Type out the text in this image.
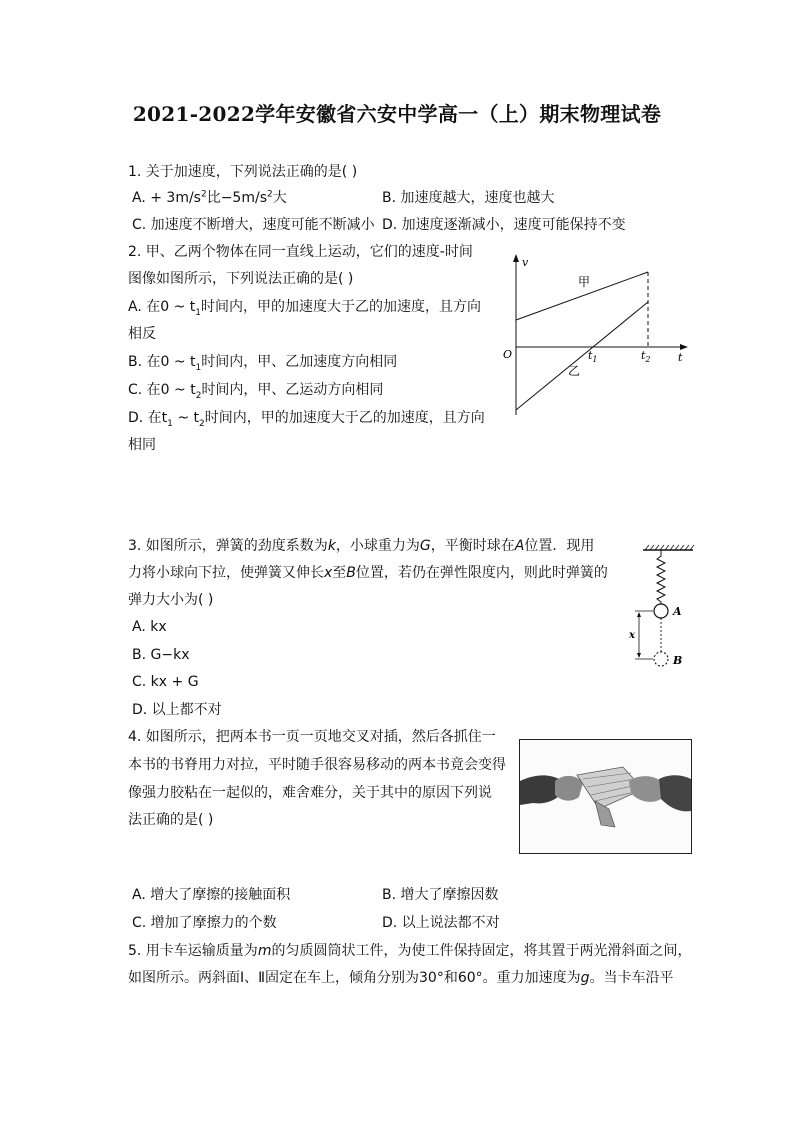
2021-2022学年安徽省六安中学高一（上）期末物理试卷
1. 关于加速度，下列说法正确的是( )
A. + $3m/s^2$比$-5m/s^2$大	B. 加速度越大，速度也越大
C. 加速度不断增大，速度可能不断减小 D. 加速度逐渐减小，速度可能保持不变
2. 甲、乙两个物体在同一直线上运动，它们的速度-时间
图像如图所示，下列说法正确的是( )
A. 在0 ~ $t_1$时间内，甲的加速度大于乙的加速度，且方向
相反
B. 在0 ~ $t_1$时间内，甲、乙加速度方向相同
C. 在0 ~ $t_2$时间内，甲、乙运动方向相同
D. 在$t_1$ ~ $t_2$时间内，甲的加速度大于乙的加速度，且方向
相同
v
t
O	$t_1$	$t_2$
甲
乙
3. 如图所示，弹簧的劲度系数为k，小球重力为G，平衡时球在A位置．现用
力将小球向下拉，使弹簧又伸长x至B位置，若仍在弹性限度内，则此时弹簧的
弹力大小为( )
A. kx
B. G−kx
C. kx + G
D. 以上都不对
x
A
B
4. 如图所示，把两本书一页一页地交叉对插，然后各抓住一
本书的书脊用力对拉，平时随手很容易移动的两本书竟会变得
像强力胶粘在一起似的，难舍难分，关于其中的原因下列说
法正确的是( )
A. 增大了摩擦的接触面积	B. 增大了摩擦因数
C. 增加了摩擦力的个数	D. 以上说法都不对
5. 用卡车运输质量为m的匀质圆筒状工件，为使工件保持固定，将其置于两光滑斜面之间，
如图所示。两斜面Ⅰ、Ⅱ固定在车上，倾角分别为30°和60°。重力加速度为g。当卡车沿平
